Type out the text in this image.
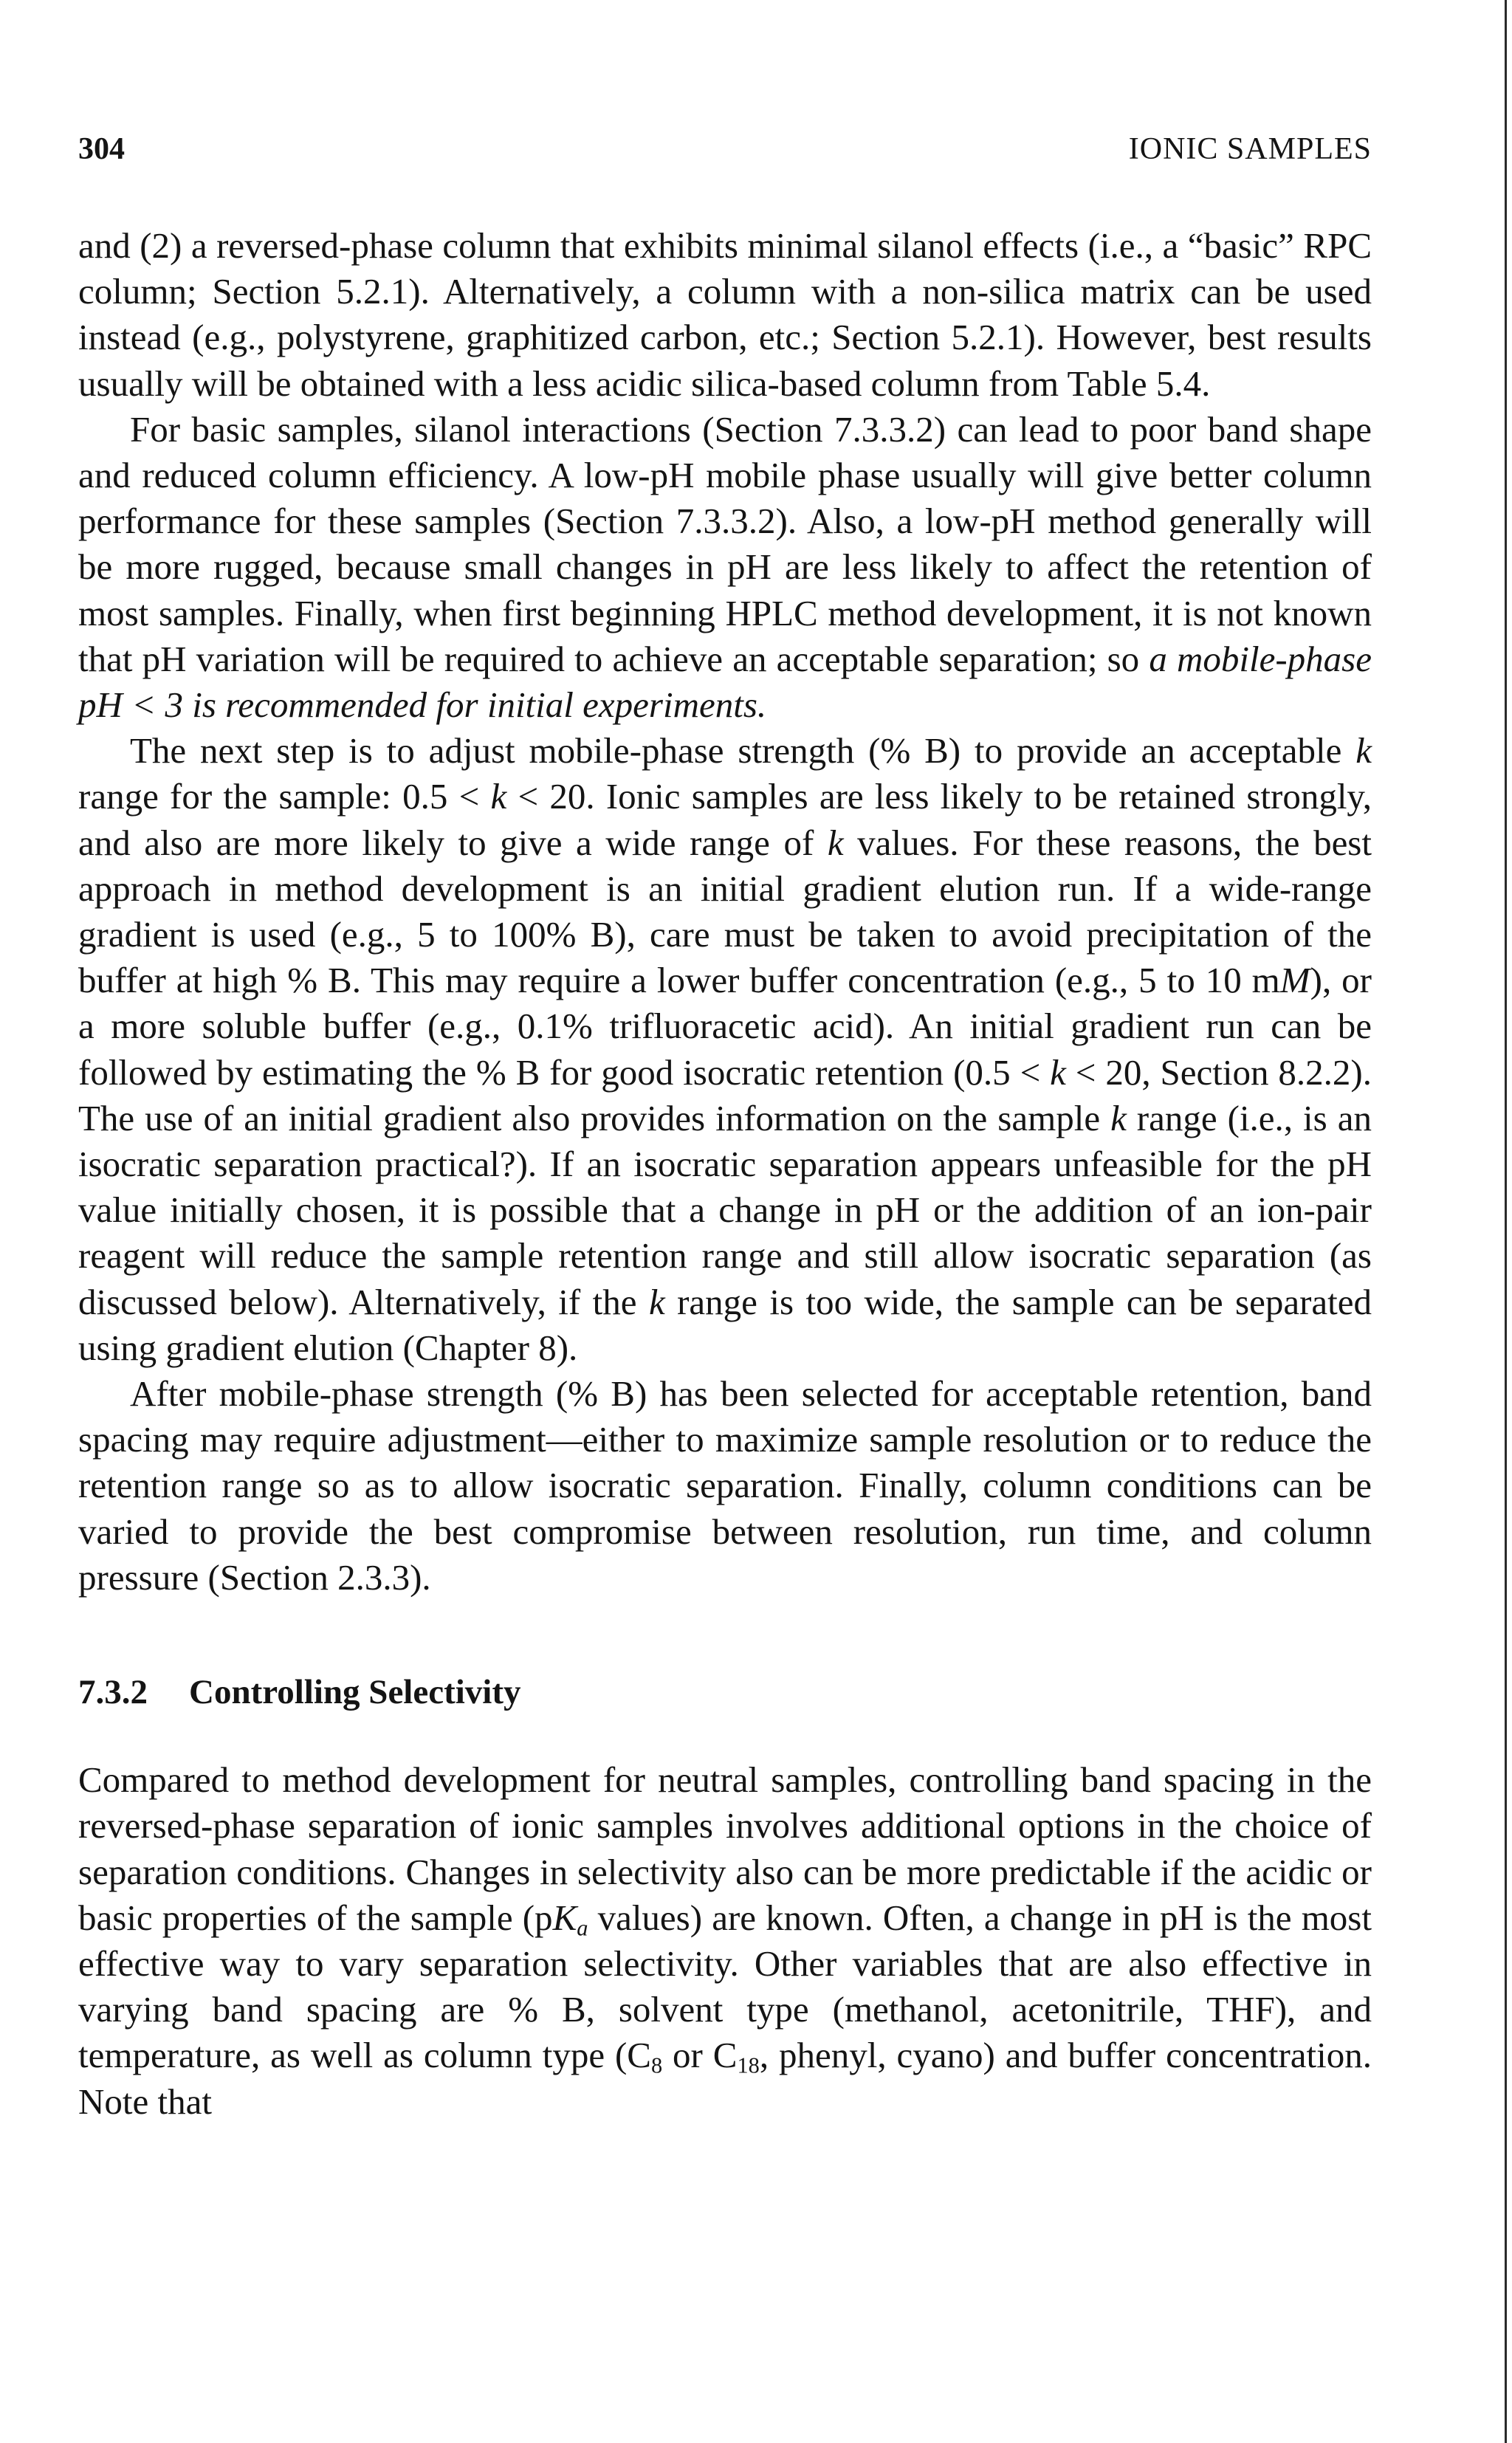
304	IONIC SAMPLES

and (2) a reversed-phase column that exhibits minimal silanol effects (i.e., a “basic” RPC column; Section 5.2.1). Alternatively, a column with a non-silica matrix can be used instead (e.g., polystyrene, graphitized carbon, etc.; Section 5.2.1). However, best results usually will be obtained with a less acidic silica-based column from Table 5.4.

For basic samples, silanol interactions (Section 7.3.3.2) can lead to poor band shape and reduced column efficiency. A low-pH mobile phase usually will give better column performance for these samples (Section 7.3.3.2). Also, a low-pH method generally will be more rugged, because small changes in pH are less likely to affect the retention of most samples. Finally, when first beginning HPLC method development, it is not known that pH variation will be required to achieve an acceptable separation; so a mobile-phase pH < 3 is recommended for initial experiments.

The next step is to adjust mobile-phase strength (% B) to provide an acceptable k range for the sample: 0.5 < k < 20. Ionic samples are less likely to be retained strongly, and also are more likely to give a wide range of k values. For these reasons, the best approach in method development is an initial gradient elution run. If a wide-range gradient is used (e.g., 5 to 100% B), care must be taken to avoid precipitation of the buffer at high % B. This may require a lower buffer concentration (e.g., 5 to 10 mM), or a more soluble buffer (e.g., 0.1% trifluoracetic acid). An initial gradient run can be followed by estimating the % B for good isocratic retention (0.5 < k < 20, Section 8.2.2). The use of an initial gradient also provides information on the sample k range (i.e., is an isocratic separation practical?). If an isocratic separation appears unfeasible for the pH value initially chosen, it is possible that a change in pH or the addition of an ion-pair reagent will reduce the sample retention range and still allow isocratic separation (as discussed below). Alternatively, if the k range is too wide, the sample can be separated using gradient elution (Chapter 8).

After mobile-phase strength (% B) has been selected for acceptable retention, band spacing may require adjustment—either to maximize sample resolution or to reduce the retention range so as to allow isocratic separation. Finally, column conditions can be varied to provide the best compromise between resolution, run time, and column pressure (Section 2.3.3).

7.3.2 Controlling Selectivity

Compared to method development for neutral samples, controlling band spacing in the reversed-phase separation of ionic samples involves additional options in the choice of separation conditions. Changes in selectivity also can be more predictable if the acidic or basic properties of the sample ($pK_a$ values) are known. Often, a change in pH is the most effective way to vary separation selectivity. Other variables that are also effective in varying band spacing are % B, solvent type (methanol, acetonitrile, THF), and temperature, as well as column type ($C_8$ or $C_{18}$, phenyl, cyano) and buffer concentration. Note that
